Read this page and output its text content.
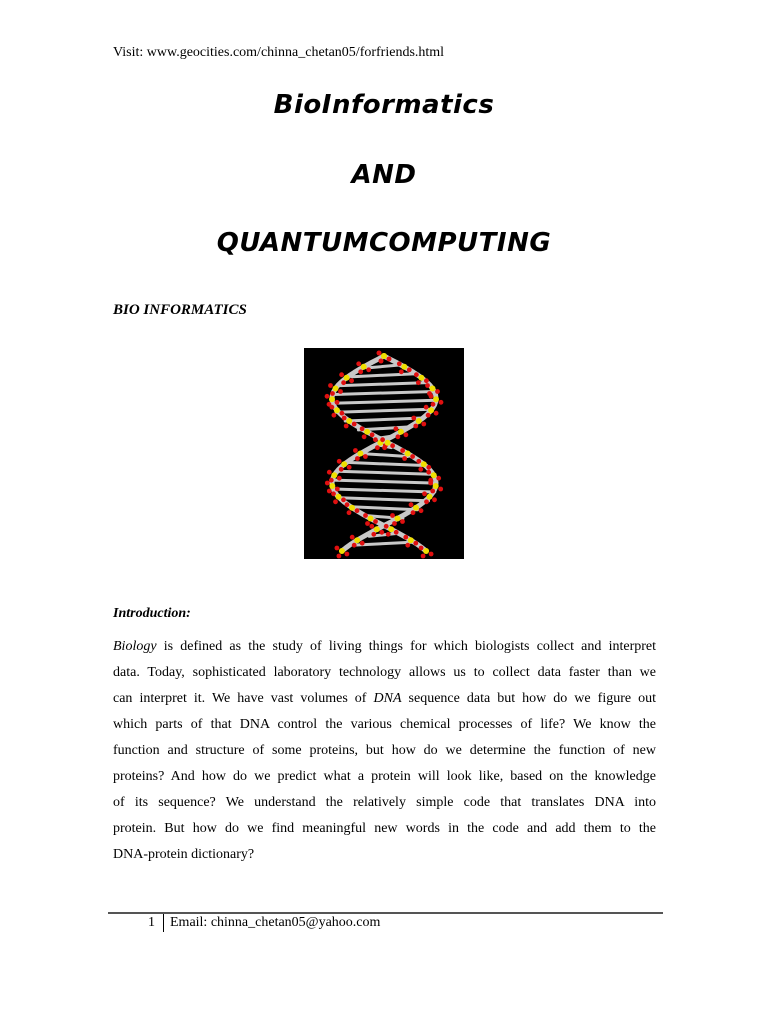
Visit: www.geocities.com/chinna_chetan05/forfriends.html
BioInformatics
AND
QUANTUMCOMPUTING
BIO INFORMATICS
Introduction:
Biology is defined as the study of living things for which biologists collect and interpret
data. Today, sophisticated laboratory technology allows us to collect data faster than we
can interpret it. We have vast volumes of DNA sequence data but how do we figure out
which parts of that DNA control the various chemical processes of life? We know the
function and structure of some proteins, but how do we determine the function of new
proteins? And how do we predict what a protein will look like, based on the knowledge
of its sequence? We understand the relatively simple code that translates DNA into
protein. But how do we find meaningful new words in the code and add them to the
DNA-protein dictionary?
1 Email: chinna_chetan05@yahoo.com
